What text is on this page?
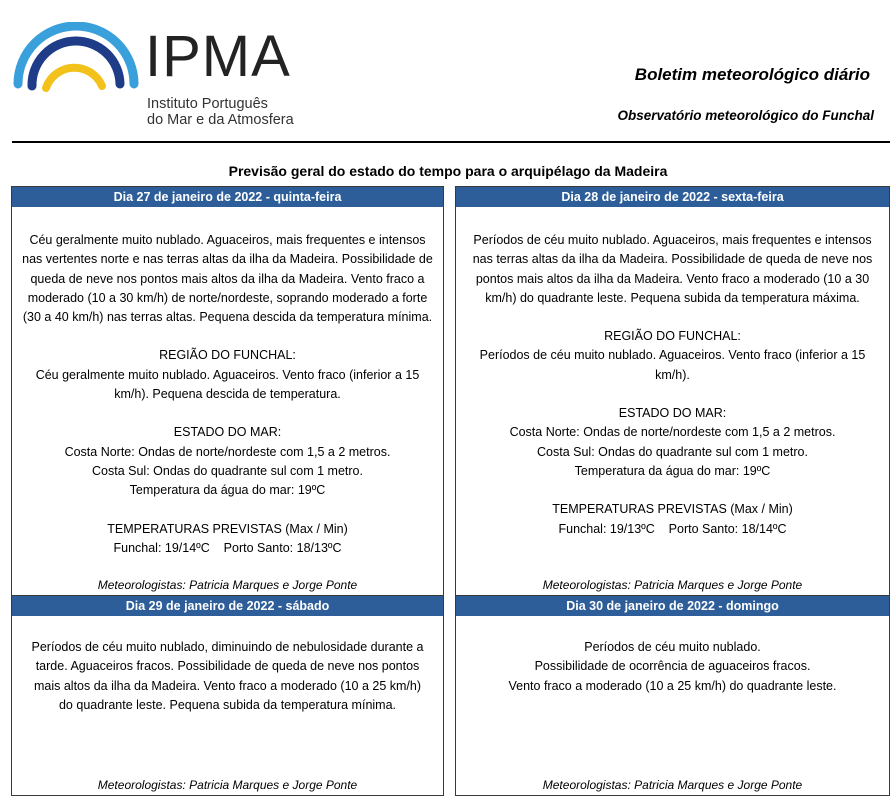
IPMA
Instituto Português
do Mar e da Atmosfera
Boletim meteorológico diário
Observatório meteorológico do Funchal
Previsão geral do estado do tempo para o arquipélago da Madeira
Dia 27 de janeiro de 2022 - quinta-feira

Céu geralmente muito nublado. Aguaceiros, mais frequentes e intensos nas vertentes norte e nas terras altas da ilha da Madeira. Possibilidade de queda de neve nos pontos mais altos da ilha da Madeira. Vento fraco a moderado (10 a 30 km/h) de norte/nordeste, soprando moderado a forte (30 a 40 km/h) nas terras altas. Pequena descida da temperatura mínima.

REGIÃO DO FUNCHAL:

Céu geralmente muito nublado. Aguaceiros. Vento fraco (inferior a 15 km/h). Pequena descida de temperatura.

ESTADO DO MAR:

Costa Norte: Ondas de norte/nordeste com 1,5 a 2 metros.

Costa Sul: Ondas do quadrante sul com 1 metro.

Temperatura da água do mar: 19ºC

TEMPERATURAS PREVISTAS (Max / Min)

Funchal: 19/14ºC    Porto Santo: 18/13ºC

Meteorologistas: Patricia Marques e Jorge Ponte
Dia 28 de janeiro de 2022 - sexta-feira

Períodos de céu muito nublado. Aguaceiros, mais frequentes e intensos nas terras altas da ilha da Madeira. Possibilidade de queda de neve nos pontos mais altos da ilha da Madeira. Vento fraco a moderado (10 a 30 km/h) do quadrante leste. Pequena subida da temperatura máxima.

REGIÃO DO FUNCHAL:

Períodos de céu muito nublado. Aguaceiros. Vento fraco (inferior a 15 km/h).

ESTADO DO MAR:

Costa Norte: Ondas de norte/nordeste com 1,5 a 2 metros.

Costa Sul: Ondas do quadrante sul com 1 metro.

Temperatura da água do mar: 19ºC

TEMPERATURAS PREVISTAS (Max / Min)

Funchal: 19/13ºC    Porto Santo: 18/14ºC

Meteorologistas: Patricia Marques e Jorge Ponte
Dia 29 de janeiro de 2022 - sábado

Períodos de céu muito nublado, diminuindo de nebulosidade durante a tarde. Aguaceiros fracos. Possibilidade de queda de neve nos pontos mais altos da ilha da Madeira. Vento fraco a moderado (10 a 25 km/h) do quadrante leste. Pequena subida da temperatura mínima.

Meteorologistas: Patricia Marques e Jorge Ponte
Dia 30 de janeiro de 2022 - domingo

Períodos de céu muito nublado.

Possibilidade de ocorrência de aguaceiros fracos.

Vento fraco a moderado (10 a 25 km/h) do quadrante leste.

Meteorologistas: Patricia Marques e Jorge Ponte
